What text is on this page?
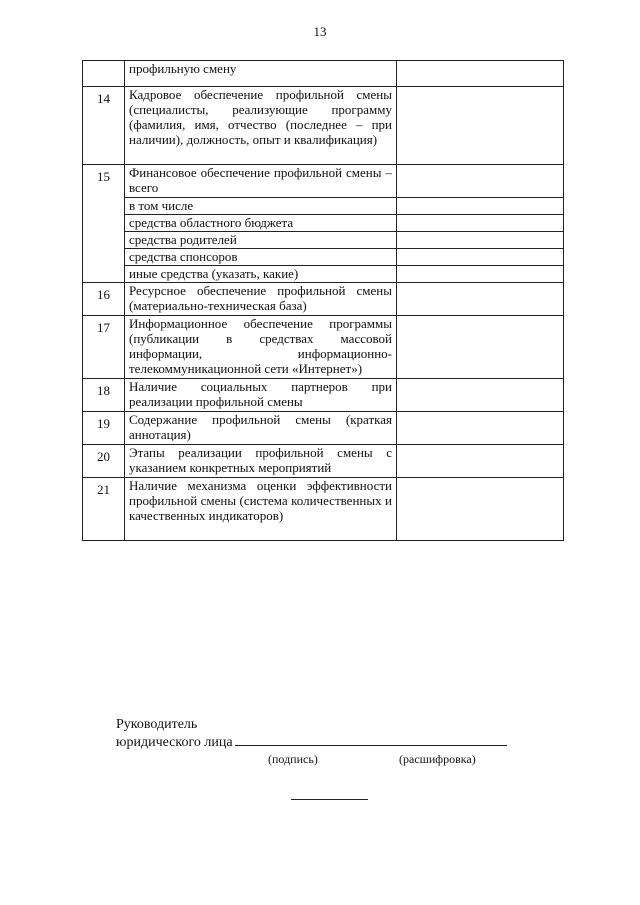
13
	профильную смену	
14	Кадровое обеспечение профильной смены (специалисты, реализующие программу (фамилия, имя, отчество (последнее – при наличии), должность, опыт и квалификация)	
15	Финансовое обеспечение профильной смены – всего	
	в том числе	
	средства областного бюджета	
	средства родителей	
	средства спонсоров	
	иные средства (указать, какие)	
16	Ресурсное обеспечение профильной смены (материально-техническая база)	
17	Информационное обеспечение программы (публикации в средствах массовой информации, информационно-телекоммуникационной сети «Интернет»)	
18	Наличие социальных партнеров при реализации профильной смены	
19	Содержание профильной смены (краткая аннотация)	
20	Этапы реализации профильной смены с указанием конкретных мероприятий	
21	Наличие механизма оценки эффективности профильной смены (система количественных и качественных индикаторов)	
Руководитель
юридического лица
(подпись)	(расшифровка)
